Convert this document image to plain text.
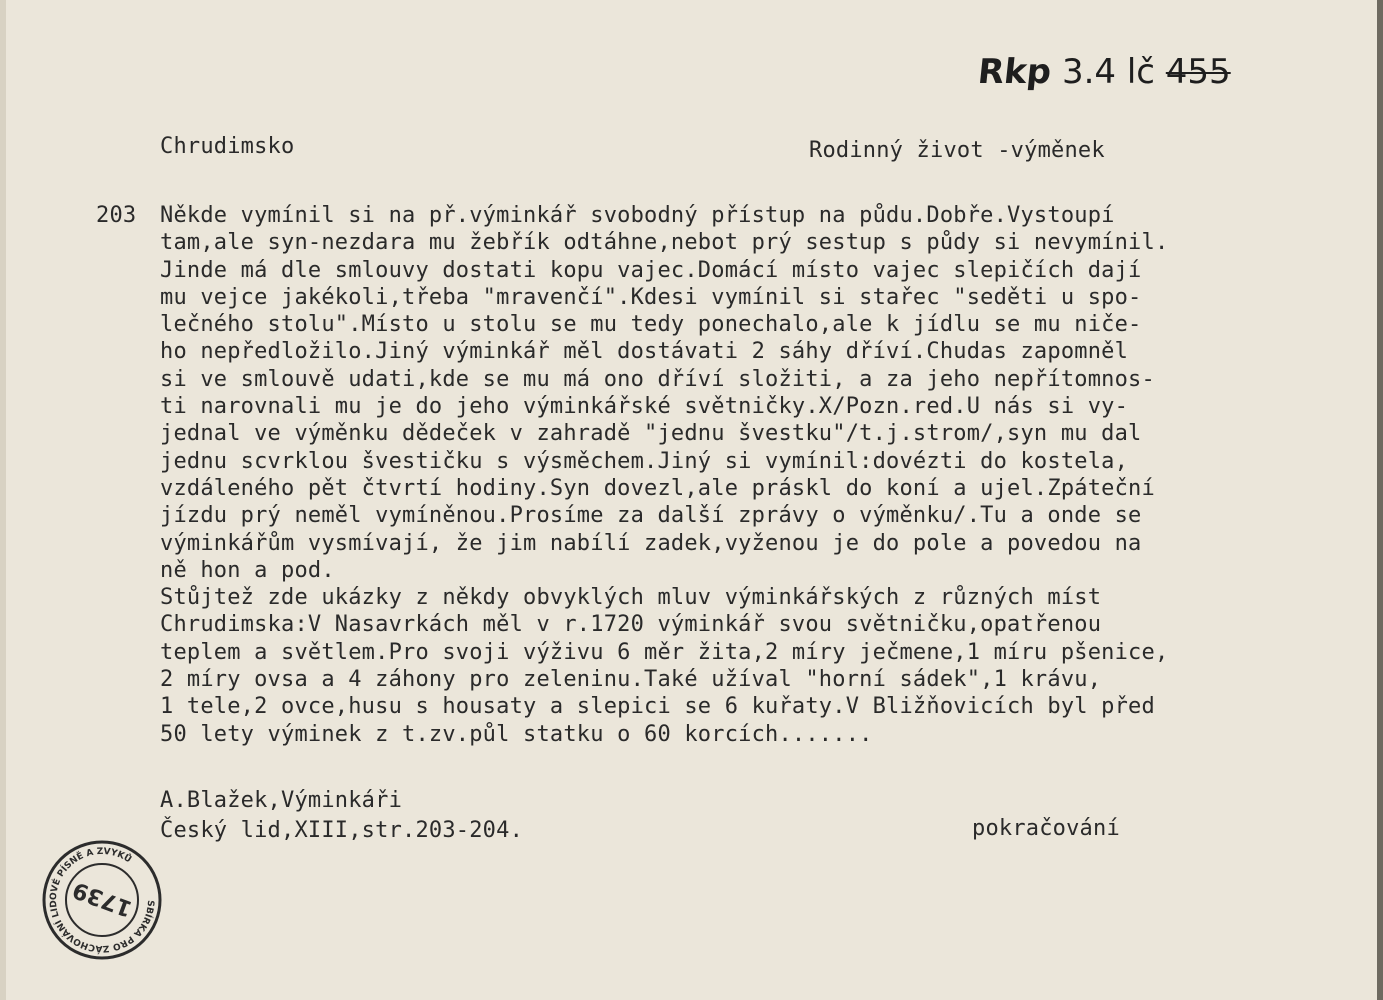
Rkp 3.4 lč 455
Chrudimsko	Rodinný život -výměnek
203 Někde vymínil si na př.výminkář svobodný přístup na půdu.Dobře.Vystoupí
tam,ale syn-nezdara mu žebřík odtáhne,nebot prý sestup s půdy si nevymínil.
Jinde má dle smlouvy dostati kopu vajec.Domácí místo vajec slepičích dají
mu vejce jakékoli,třeba "mravenčí".Kdesi vymínil si stařec "seděti u spo-
lečného stolu".Místo u stolu se mu tedy ponechalo,ale k jídlu se mu niče-
ho nepředložilo.Jiný výminkář měl dostávati 2 sáhy dříví.Chudas zapomněl
si ve smlouvě udati,kde se mu má ono dříví složiti, a za jeho nepřítomnos-
ti narovnali mu je do jeho výminkářské světničky.X/Pozn.red.U nás si vy-
jednal ve výměnku dědeček v zahradě "jednu švestku"/t.j.strom/,syn mu dal
jednu scvrklou švestičku s výsměchem.Jiný si vymínil:dovézti do kostela,
vzdáleného pět čtvrtí hodiny.Syn dovezl,ale práskl do koní a ujel.Zpáteční
jízdu prý neměl vymíněnou.Prosíme za další zprávy o výměnku/.Tu a onde se
výminkářům vysmívají, že jim nabílí zadek,vyženou je do pole a povedou na
ně hon a pod.
Stůjtež zde ukázky z někdy obvyklých mluv výminkářských z různých míst
Chrudimska:V Nasavrkách měl v r.1720 výminkář svou světničku,opatřenou
teplem a světlem.Pro svoji výživu 6 měr žita,2 míry ječmene,1 míru pšenice,
2 míry ovsa a 4 záhony pro zeleninu.Také užíval "horní sádek",1 krávu,
1 tele,2 ovce,husu s housaty a slepici se 6 kuřaty.V Bližňovicích byl před
50 lety výminek z t.zv.půl statku o 60 korcích.......
A.Blažek,Výminkáři
Český lid,XIII,str.203-204.	pokračování
SBÍRKA PRO ZÁCHOVÁNÍ LIDOVÉ PÍSNĚ A ZVYKŮ
1739
